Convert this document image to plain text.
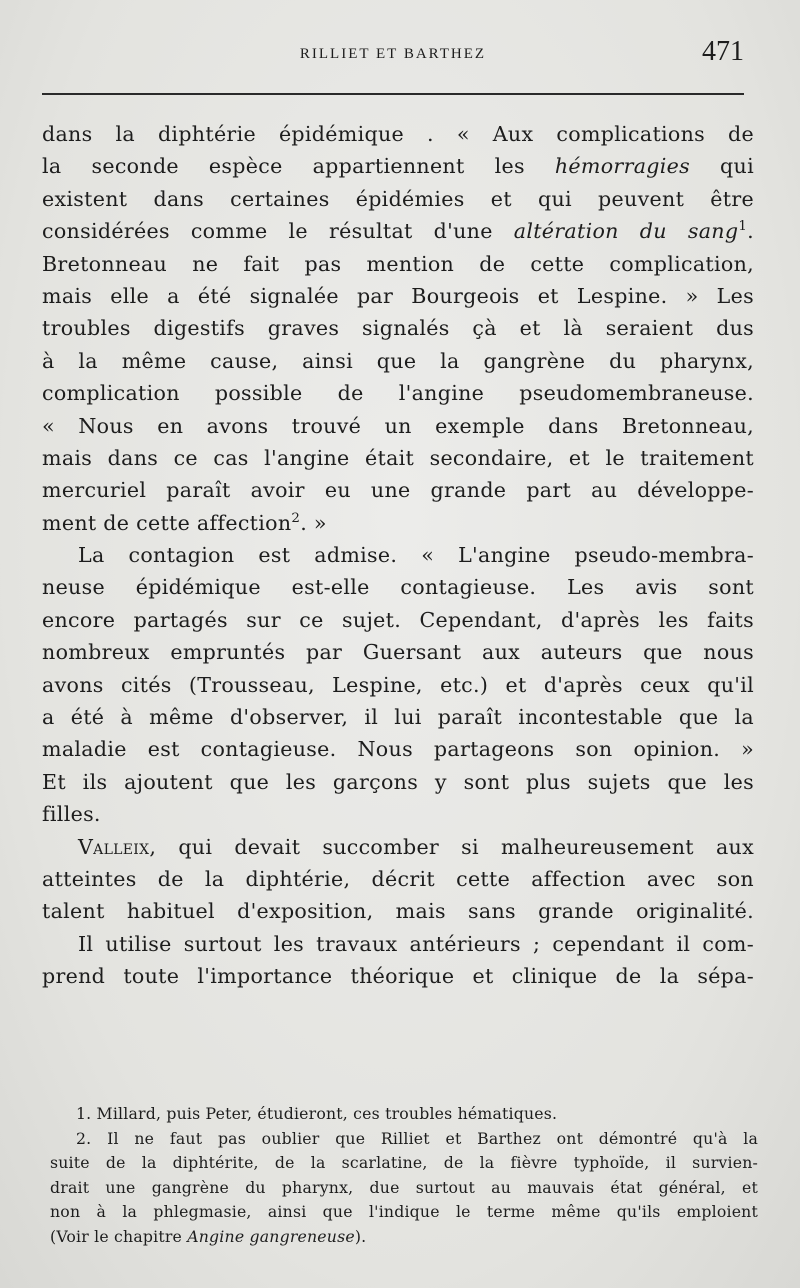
RILLIET ET BARTHEZ	471
dans la diphtérie épidémique . « Aux complications de
la seconde espèce appartiennent les hémorragies qui
existent dans certaines épidémies et qui peuvent être
considérées comme le résultat d'une altération du sang$^1$.
Bretonneau ne fait pas mention de cette complication,
mais elle a été signalée par Bourgeois et Lespine. » Les
troubles digestifs graves signalés çà et là seraient dus
à la même cause, ainsi que la gangrène du pharynx,
complication possible de l'angine pseudomembraneuse.
« Nous en avons trouvé un exemple dans Bretonneau,
mais dans ce cas l'angine était secondaire, et le traitement
mercuriel paraît avoir eu une grande part au développe-
ment de cette affection$^2$. »
La contagion est admise. « L'angine pseudo-membra-
neuse épidémique est-elle contagieuse. Les avis sont
encore partagés sur ce sujet. Cependant, d'après les faits
nombreux empruntés par Guersant aux auteurs que nous
avons cités (Trousseau, Lespine, etc.) et d'après ceux qu'il
a été à même d'observer, il lui paraît incontestable que la
maladie est contagieuse. Nous partageons son opinion. »
Et ils ajoutent que les garçons y sont plus sujets que les
filles.
Valleix, qui devait succomber si malheureusement aux
atteintes de la diphtérie, décrit cette affection avec son
talent habituel d'exposition, mais sans grande originalité.
Il utilise surtout les travaux antérieurs ; cependant il com-
prend toute l'importance théorique et clinique de la sépa-
1. Millard, puis Peter, étudieront, ces troubles hématiques.
2. Il ne faut pas oublier que Rilliet et Barthez ont démontré qu'à la
suite de la diphtérite, de la scarlatine, de la fièvre typhoïde, il survien-
drait une gangrène du pharynx, due surtout au mauvais état général, et
non à la phlegmasie, ainsi que l'indique le terme même qu'ils emploient
(Voir le chapitre Angine gangreneuse).
